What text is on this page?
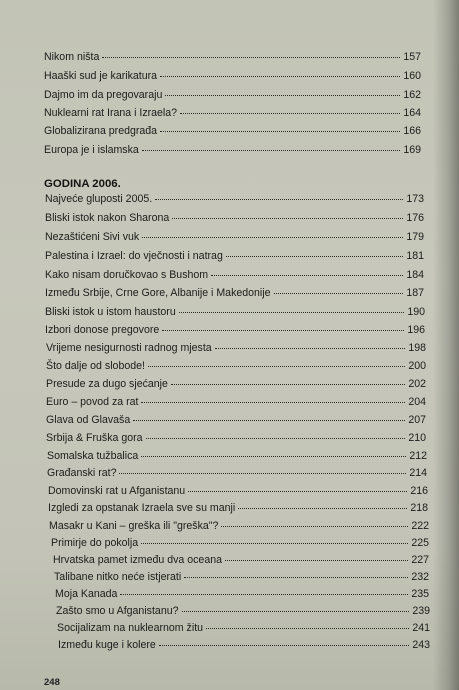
Nikom ništa	157
Haaški sud je karikatura	160
Dajmo im da pregovaraju	162
Nuklearni rat Irana i Izraela?	164
Globalizirana predgrađa	166
Europa je i islamska	169
GODINA 2006.
Najveće gluposti 2005.	173
Bliski istok nakon Sharona	176
Nezaštićeni Sivi vuk	179
Palestina i Izrael: do vječnosti i natrag	181
Kako nisam doručkovao s Bushom	184
Između Srbije, Crne Gore, Albanije i Makedonije	187
Bliski istok u istom haustoru	190
Izbori donose pregovore	196
Vrijeme nesigurnosti radnog mjesta	198
Što dalje od slobode!	200
Presude za dugo sjećanje	202
Euro – povod za rat	204
Glava od Glavaša	207
Srbija & Fruška gora	210
Somalska tužbalica	212
Građanski rat?	214
Domovinski rat u Afganistanu	216
Izgledi za opstanak Izraela sve su manji	218
Masakr u Kani – greška ili "greška"?	222
Primirje do pokolja	225
Hrvatska pamet između dva oceana	227
Talibane nitko neće istjerati	232
Moja Kanada	235
Zašto smo u Afganistanu?	239
Socijalizam na nuklearnom žitu	241
Između kuge i kolere	243
248
